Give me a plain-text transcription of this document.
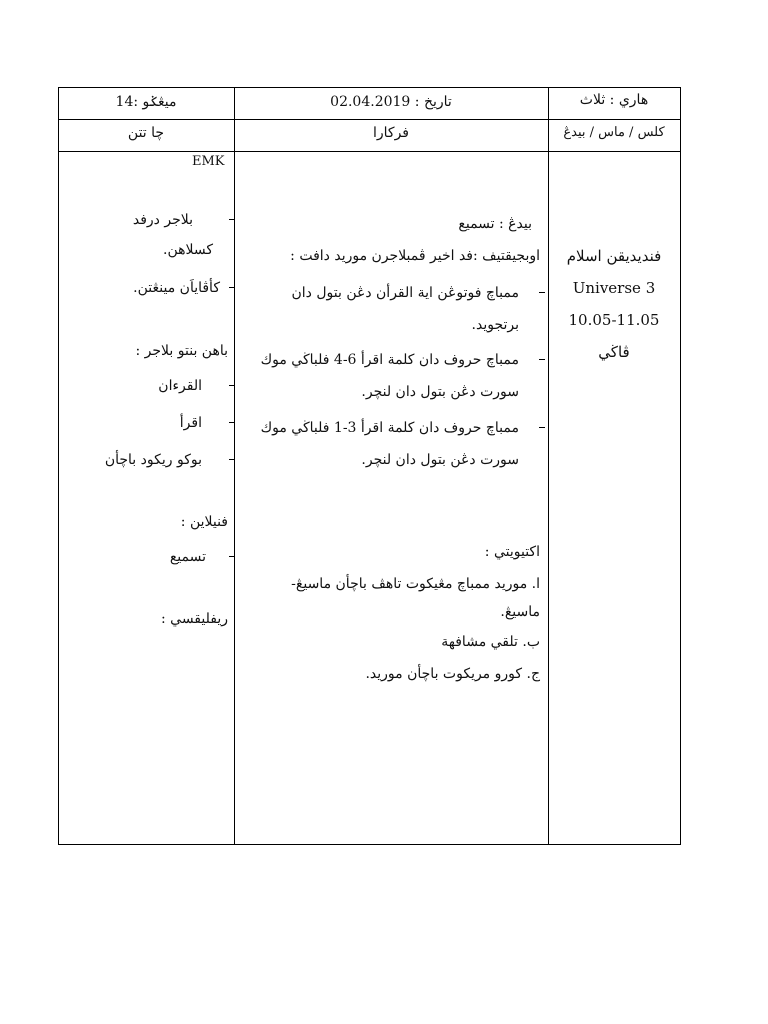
هاري : ثلاث
تاريخ : 02.04.2019
ميڠݢو :14
كلس / ماس / بيدڠ
فركارا
چا تتن
فنديديقن اسلام
Universe 3
10.05-11.05
ڤاڬي
بيدڠ : تسميع
اوبجيقتيف :فد اخير ڤمبلاجرن موريد دافت :
ممباچ فوتوڠن اية القرأن دڠن بتول دان
برتجويد.
ممباچ حروف دان كلمة اقرأ 6-4 فلباڬي موك
سورت دڠن بتول دان لنچر.
ممباچ حروف دان كلمة اقرأ 3-1 فلباڬي موك
سورت دڠن بتول دان لنچر.
اکتيويتي :
ا. موريد ممباچ مڠيكوت تاهڤ باچأن ماسيڠ-
ماسيڠ.
ب. تلقي مشافهة
ج. كورو مريكوت باچأن موريد.
EMK
بلاجر درفد
كسلاهن.
كأڤاياَن مينڠتن.
باهن بنتو بلاجر :
القرءان
اقرأ
بوكو ريكود باچأن
فنيلاين :
تسميع
ريفليقسي :
